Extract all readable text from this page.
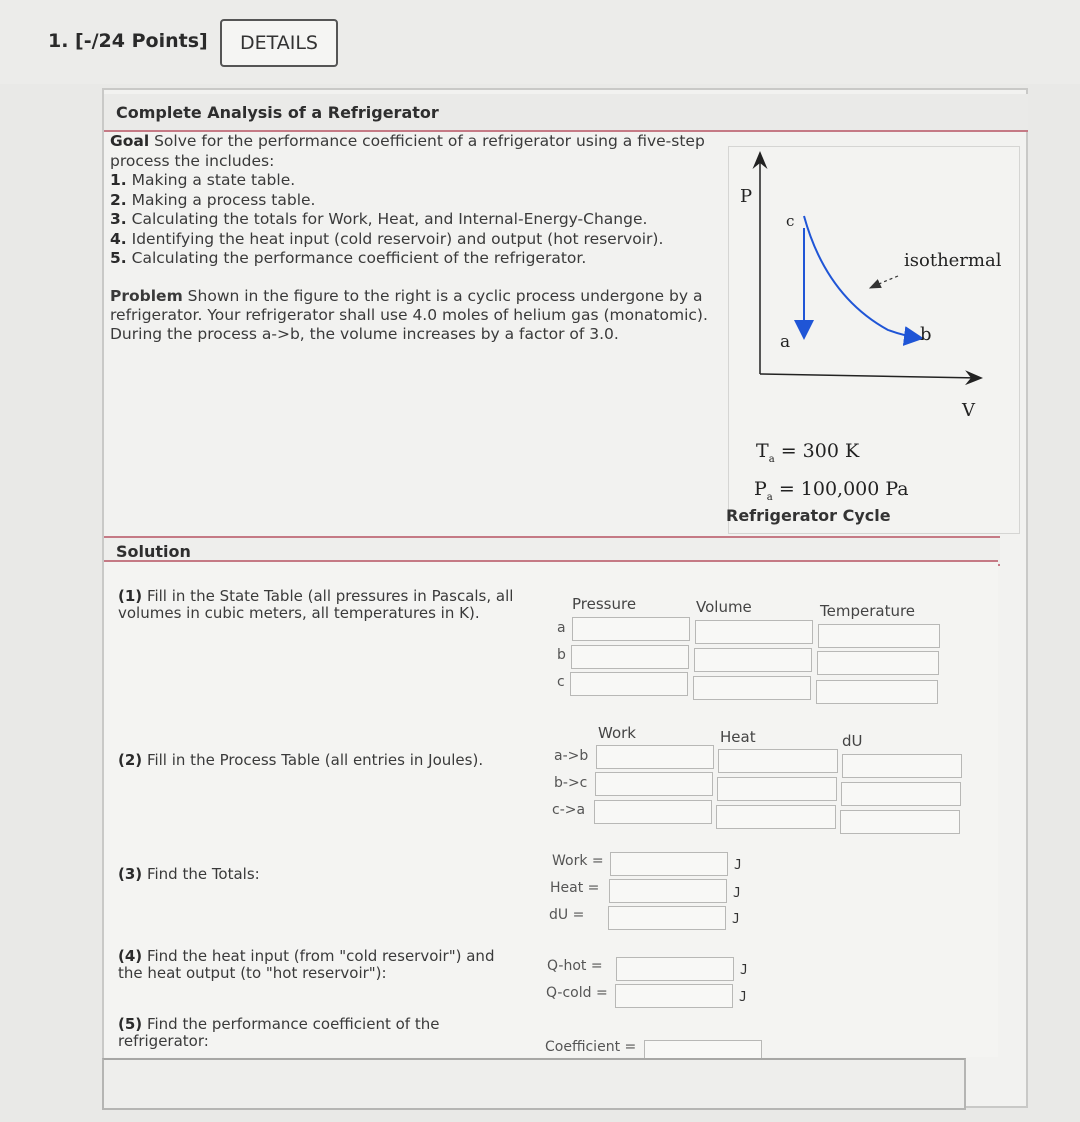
1. [-/24 Points]	DETAILS
Complete Analysis of a Refrigerator
Goal Solve for the performance coefficient of a refrigerator using a five-step process the includes:
1. Making a state table.
2. Making a process table.
3. Calculating the totals for Work, Heat, and Internal-Energy-Change.
4. Identifying the heat input (cold reservoir) and output (hot reservoir).
5. Calculating the performance coefficient of the refrigerator.
Problem Shown in the figure to the right is a cyclic process undergone by a refrigerator. Your refrigerator shall use 4.0 moles of helium gas (monatomic). During the process a->b, the volume increases by a factor of 3.0.
P
V
c
a	b
isothermal
$T_a = 300$ K
$P_a = 100,000$ Pa
Refrigerator Cycle
Solution
(1) Fill in the State Table (all pressures in Pascals, all volumes in cubic meters, all temperatures in K).	Pressure	Volume	Temperature
a
b
c
(2) Fill in the Process Table (all entries in Joules).
Work	Heat	dU
a->b
b->c
c->a
(3) Find the Totals:
Work =
Heat =
dU =
J
J
J
(4) Find the heat input (from "cold reservoir") and the heat output (to "hot reservoir"):	Q-hot =
Q-cold =
J
J
(5) Find the performance coefficient of the refrigerator:	Coefficient =
